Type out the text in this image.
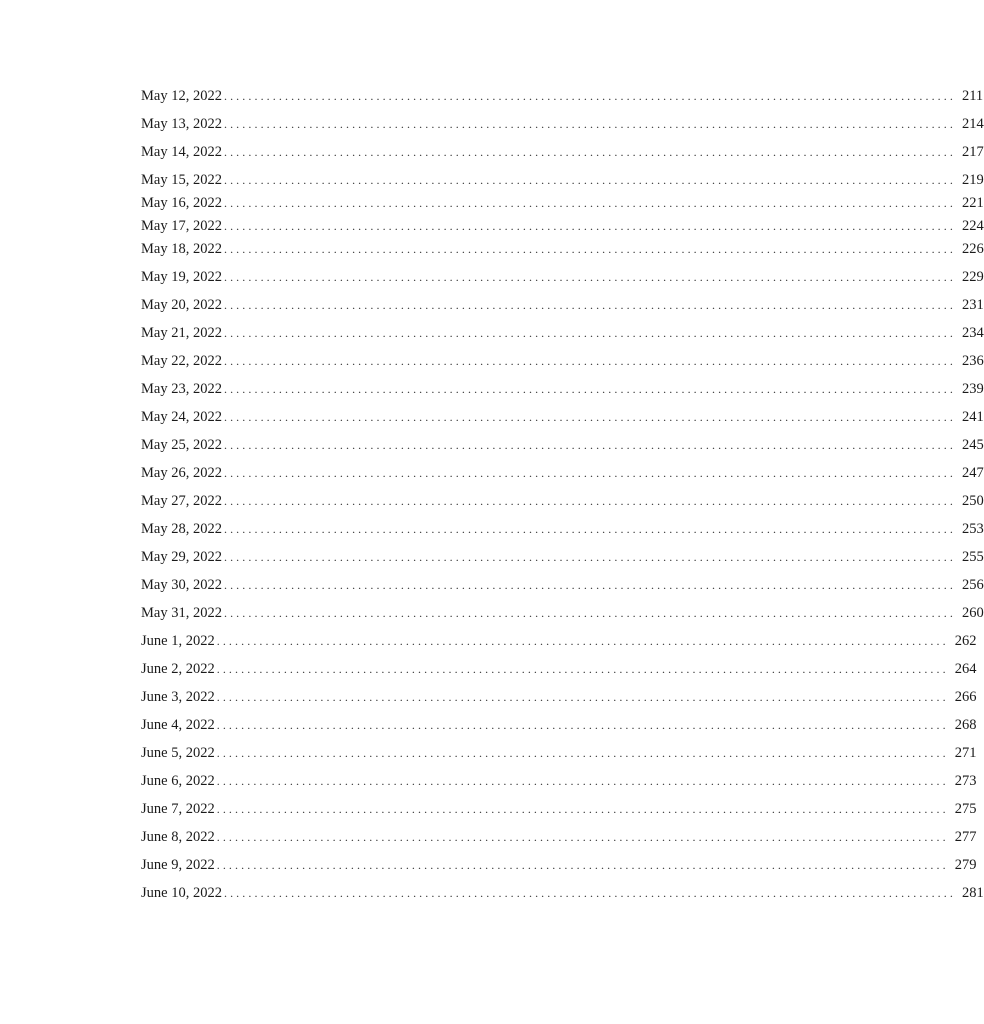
May 12, 2022 ........................................................................................................................ 211
May 13, 2022 ........................................................................................................................ 214
May 14, 2022 ........................................................................................................................ 217
May 15, 2022 ........................................................................................................................ 219
May 16, 2022 ........................................................................................................................ 221
May 17, 2022 ........................................................................................................................ 224
May 18, 2022 ........................................................................................................................ 226
May 19, 2022 ........................................................................................................................ 229
May 20, 2022 ........................................................................................................................ 231
May 21, 2022 ........................................................................................................................ 234
May 22, 2022 ........................................................................................................................ 236
May 23, 2022 ........................................................................................................................ 239
May 24, 2022 ........................................................................................................................ 241
May 25, 2022 ........................................................................................................................ 245
May 26, 2022 ........................................................................................................................ 247
May 27, 2022 ........................................................................................................................ 250
May 28, 2022 ........................................................................................................................ 253
May 29, 2022 ........................................................................................................................ 255
May 30, 2022 ........................................................................................................................ 256
May 31, 2022 ........................................................................................................................ 260
June 1, 2022 ........................................................................................................................ 262
June 2, 2022 ........................................................................................................................ 264
June 3, 2022 ........................................................................................................................ 266
June 4, 2022 ........................................................................................................................ 268
June 5, 2022 ........................................................................................................................ 271
June 6, 2022 ........................................................................................................................ 273
June 7, 2022 ........................................................................................................................ 275
June 8, 2022 ........................................................................................................................ 277
June 9, 2022 ........................................................................................................................ 279
June 10, 2022 ........................................................................................................................ 281
